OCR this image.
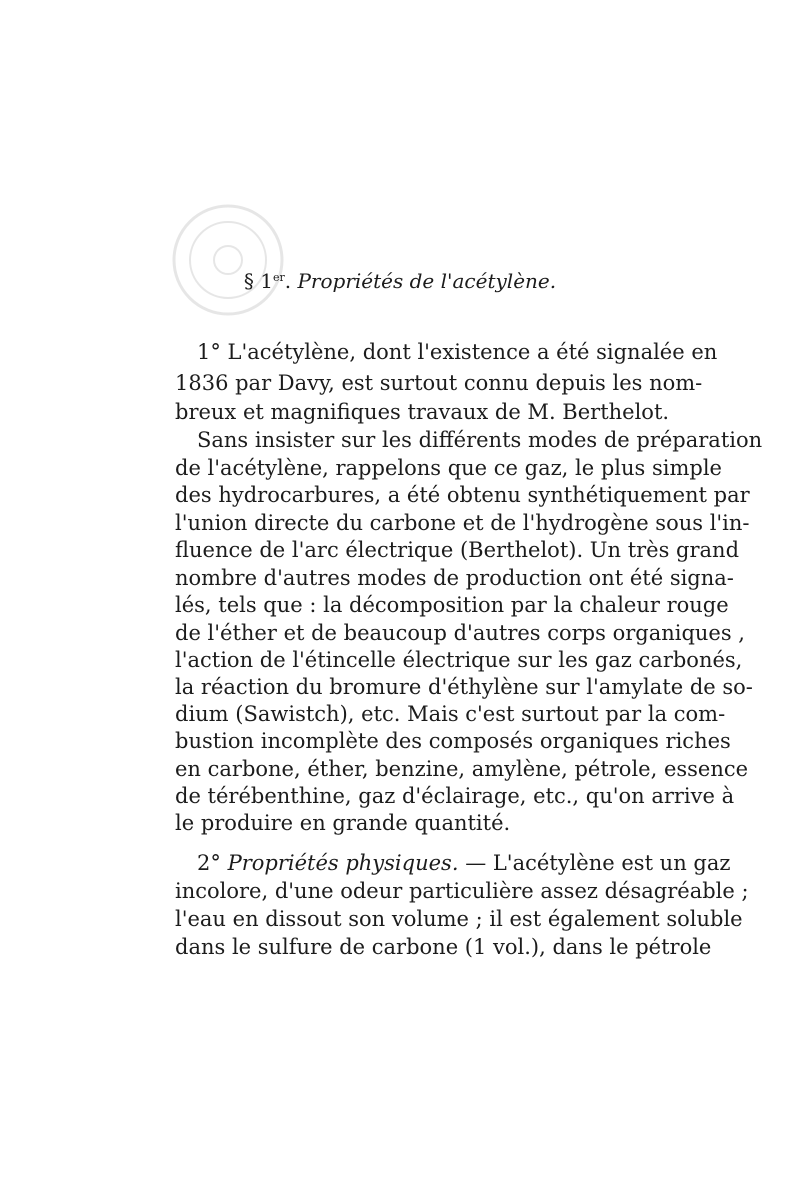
§ 1er. Propriétés de l'acétylène.
1° L'acétylène, dont l'existence a été signalée en
1836 par Davy, est surtout connu depuis les nom-
breux et magnifiques travaux de M. Berthelot.
Sans insister sur les différents modes de préparation
de l'acétylène, rappelons que ce gaz, le plus simple
des hydrocarbures, a été obtenu synthétiquement par
l'union directe du carbone et de l'hydrogène sous l'in-
fluence de l'arc électrique (Berthelot). Un très grand
nombre d'autres modes de production ont été signa-
lés, tels que : la décomposition par la chaleur rouge
de l'éther et de beaucoup d'autres corps organiques ,
l'action de l'étincelle électrique sur les gaz carbonés,
la réaction du bromure d'éthylène sur l'amylate de so-
dium (Sawistch), etc. Mais c'est surtout par la com-
bustion incomplète des composés organiques riches
en carbone, éther, benzine, amylène, pétrole, essence
de térébenthine, gaz d'éclairage, etc., qu'on arrive à
le produire en grande quantité.
2° Propriétés physiques. — L'acétylène est un gaz
incolore, d'une odeur particulière assez désagréable ;
l'eau en dissout son volume ; il est également soluble
dans le sulfure de carbone (1 vol.), dans le pétrole
